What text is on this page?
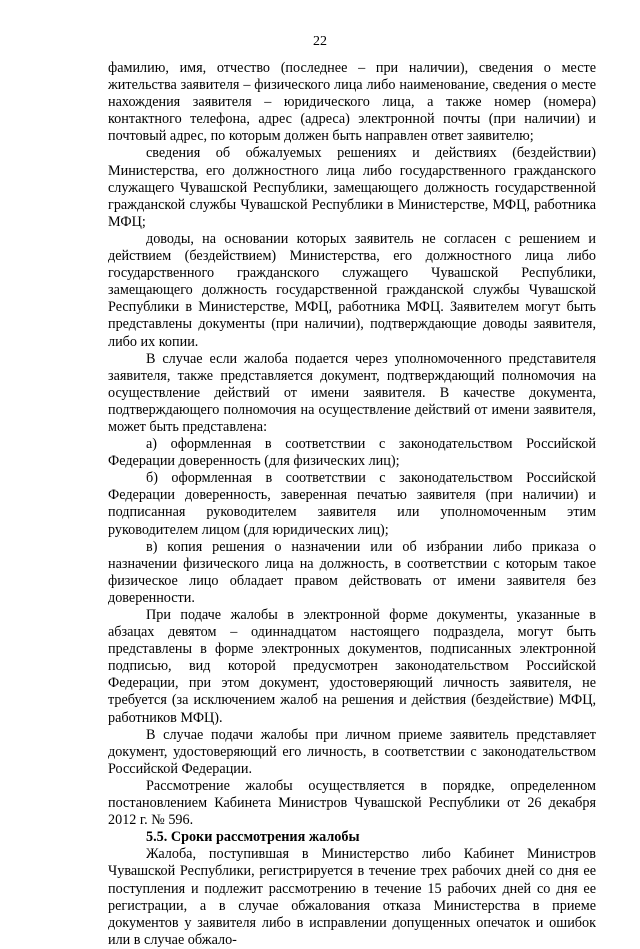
22

фамилию, имя, отчество (последнее – при наличии), сведения о месте жительства заявителя – физического лица либо наименование, сведения о месте нахождения заявителя – юридического лица, а также номер (номера) контактного телефона, адрес (адреса) электронной почты (при наличии) и почтовый адрес, по которым должен быть направлен ответ заявителю;

сведения об обжалуемых решениях и действиях (бездействии) Министерства, его должностного лица либо государственного гражданского служащего Чувашской Республики, замещающего должность государственной гражданской службы Чувашской Республики в Министерстве, МФЦ, работника МФЦ;

доводы, на основании которых заявитель не согласен с решением и действием (бездействием) Министерства, его должностного лица либо государственного гражданского служащего Чувашской Республики, замещающего должность государственной гражданской службы Чувашской Республики в Министерстве, МФЦ, работника МФЦ. Заявителем могут быть представлены документы (при наличии), подтверждающие доводы заявителя, либо их копии.

В случае если жалоба подается через уполномоченного представителя заявителя, также представляется документ, подтверждающий полномочия на осуществление действий от имени заявителя. В качестве документа, подтверждающего полномочия на осуществление действий от имени заявителя, может быть представлена:

а) оформленная в соответствии с законодательством Российской Федерации доверенность (для физических лиц);

б) оформленная в соответствии с законодательством Российской Федерации доверенность, заверенная печатью заявителя (при наличии) и подписанная руководителем заявителя или уполномоченным этим руководителем лицом (для юридических лиц);

в) копия решения о назначении или об избрании либо приказа о назначении физического лица на должность, в соответствии с которым такое физическое лицо обладает правом действовать от имени заявителя без доверенности.

При подаче жалобы в электронной форме документы, указанные в абзацах девятом – одиннадцатом настоящего подраздела, могут быть представлены в форме электронных документов, подписанных электронной подписью, вид которой предусмотрен законодательством Российской Федерации, при этом документ, удостоверяющий личность заявителя, не требуется (за исключением жалоб на решения и действия (бездействие) МФЦ, работников МФЦ).

В случае подачи жалобы при личном приеме заявитель представляет документ, удостоверяющий его личность, в соответствии с законодательством Российской Федерации.

Рассмотрение жалобы осуществляется в порядке, определенном постановлением Кабинета Министров Чувашской Республики от 26 декабря 2012 г. № 596.

5.5. Сроки рассмотрения жалобы

Жалоба, поступившая в Министерство либо Кабинет Министров Чувашской Республики, регистрируется в течение трех рабочих дней со дня ее поступления и подлежит рассмотрению в течение 15 рабочих дней со дня ее регистрации, а в случае обжалования отказа Министерства в приеме документов у заявителя либо в исправлении допущенных опечаток и ошибок или в случае обжало-
